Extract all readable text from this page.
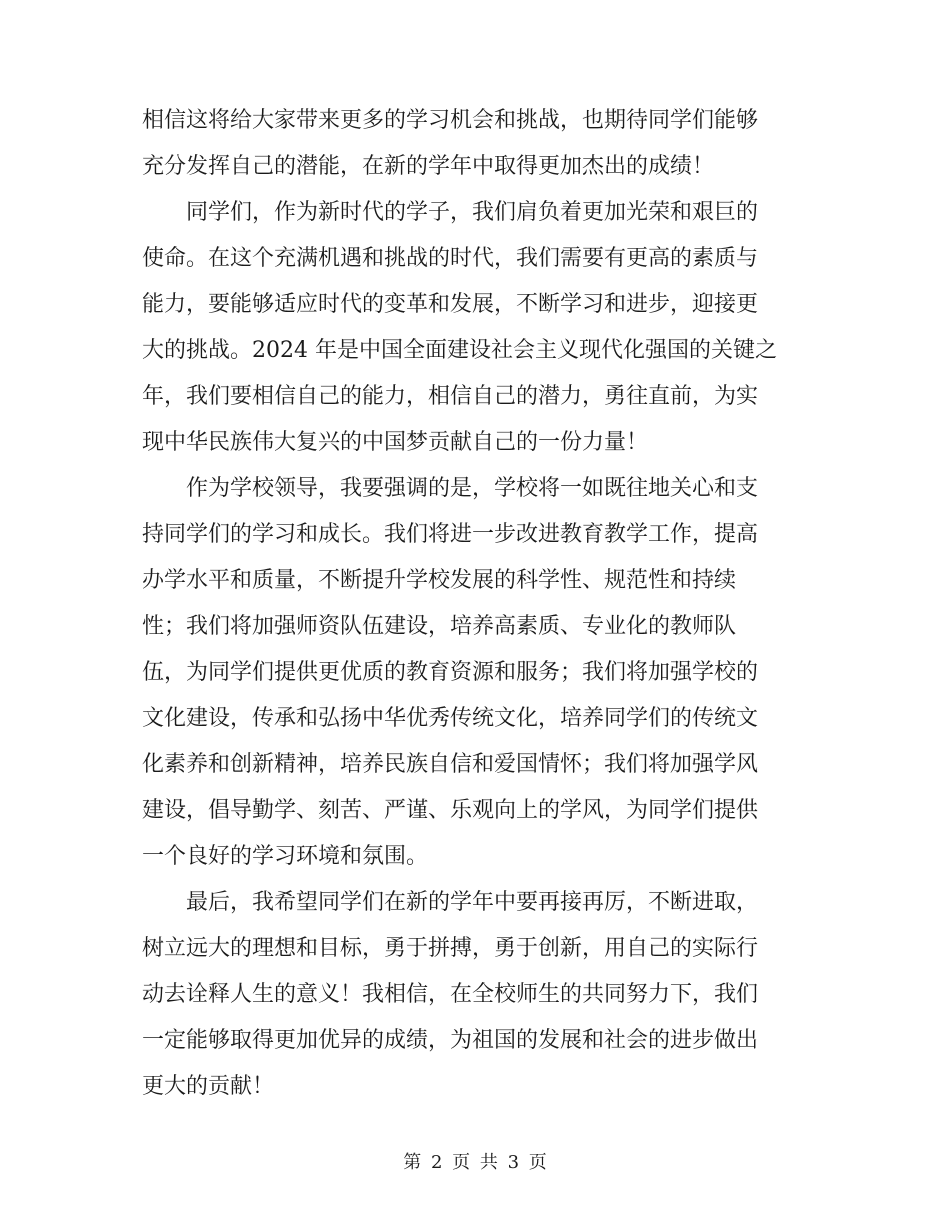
相信这将给大家带来更多的学习机会和挑战，也期待同学们能够
充分发挥自己的潜能，在新的学年中取得更加杰出的成绩！
同学们，作为新时代的学子，我们肩负着更加光荣和艰巨的
使命。在这个充满机遇和挑战的时代，我们需要有更高的素质与
能力，要能够适应时代的变革和发展，不断学习和进步，迎接更
大的挑战。2024 年是中国全面建设社会主义现代化强国的关键之
年，我们要相信自己的能力，相信自己的潜力，勇往直前，为实
现中华民族伟大复兴的中国梦贡献自己的一份力量！
作为学校领导，我要强调的是，学校将一如既往地关心和支
持同学们的学习和成长。我们将进一步改进教育教学工作，提高
办学水平和质量，不断提升学校发展的科学性、规范性和持续
性；我们将加强师资队伍建设，培养高素质、专业化的教师队
伍，为同学们提供更优质的教育资源和服务；我们将加强学校的
文化建设，传承和弘扬中华优秀传统文化，培养同学们的传统文
化素养和创新精神，培养民族自信和爱国情怀；我们将加强学风
建设，倡导勤学、刻苦、严谨、乐观向上的学风，为同学们提供
一个良好的学习环境和氛围。
最后，我希望同学们在新的学年中要再接再厉，不断进取，
树立远大的理想和目标，勇于拼搏，勇于创新，用自己的实际行
动去诠释人生的意义！我相信，在全校师生的共同努力下，我们
一定能够取得更加优异的成绩，为祖国的发展和社会的进步做出
更大的贡献！
第 2 页 共 3 页
